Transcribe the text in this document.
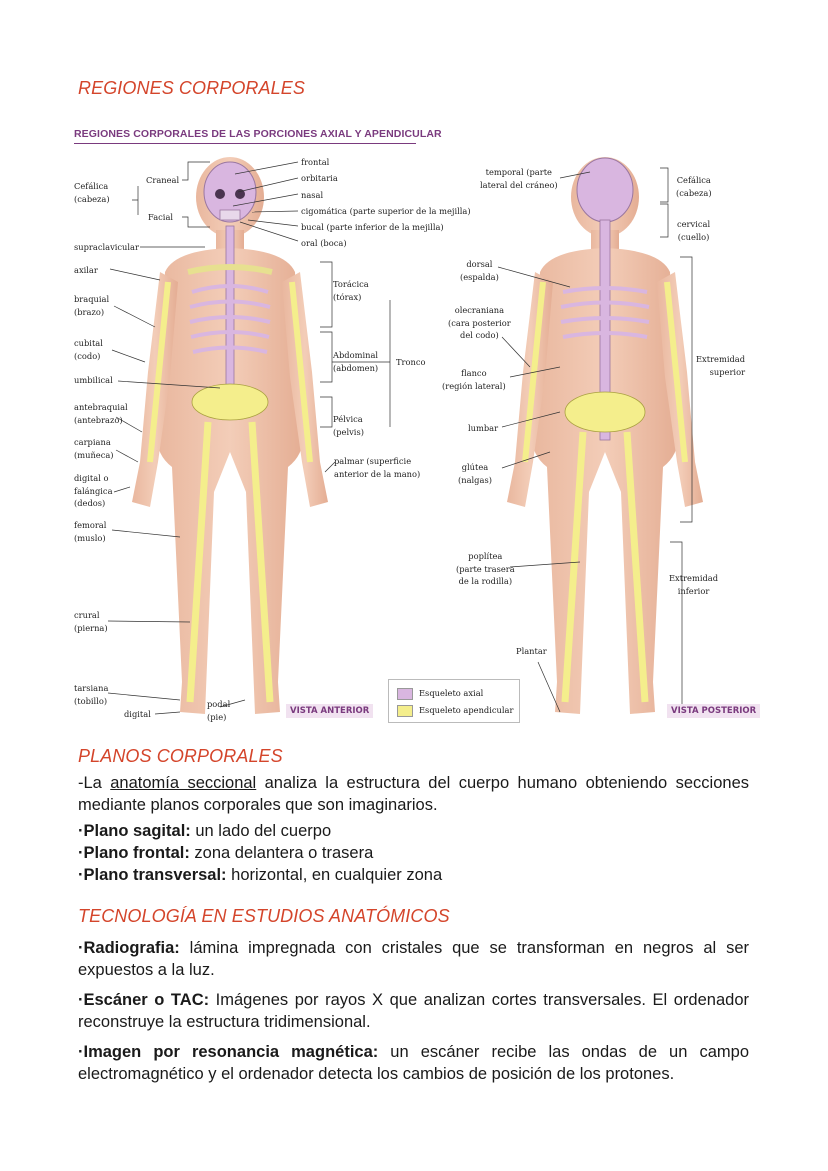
REGIONES CORPORALES
REGIONES CORPORALES DE LAS PORCIONES AXIAL Y APENDICULAR
Cefálica
(cabeza)
Craneal
Facial
supraclavicular
axilar
braquial
(brazo)
cubital
(codo)
umbilical
antebraquial
(antebrazo)
carpiana
(muñeca)
digital o
falángica
(dedos)
femoral
(muslo)
crural
(pierna)
tarsiana
(tobillo)
digital
podal
(pie)
frontal
orbitaria
nasal
cigomática (parte superior de la mejilla)
bucal (parte inferior de la mejilla)
oral (boca)
Torácica
(tórax)
Abdominal
(abdomen)
Tronco
Pélvica
(pelvis)
palmar (superficie
anterior de la mano)
temporal (parte
lateral del cráneo)
dorsal
(espalda)
olecraniana
(cara posterior
del codo)
flanco
(región lateral)
lumbar
glútea
(nalgas)
poplítea
(parte trasera
de la rodilla)
Plantar
Cefálica
(cabeza)
cervical
(cuello)
Extremidad
superior
Extremidad
inferior
Esqueleto axial
Esqueleto apendicular
VISTA ANTERIOR	VISTA POSTERIOR
PLANOS CORPORALES
-La anatomía seccional analiza la estructura del cuerpo humano obteniendo secciones mediante planos corporales que son imaginarios.
·Plano sagital: un lado del cuerpo
·Plano frontal: zona delantera o trasera
·Plano transversal: horizontal, en cualquier zona
TECNOLOGÍA EN ESTUDIOS ANATÓMICOS
·Radiografia: lámina impregnada con cristales que se transforman en negros al ser expuestos a la luz.
·Escáner o TAC: Imágenes por rayos X que analizan cortes transversales. El ordenador reconstruye la estructura tridimensional.
·Imagen por resonancia magnética: un escáner recibe las ondas de un campo electromagnético y el ordenador detecta los cambios de posición de los protones.
